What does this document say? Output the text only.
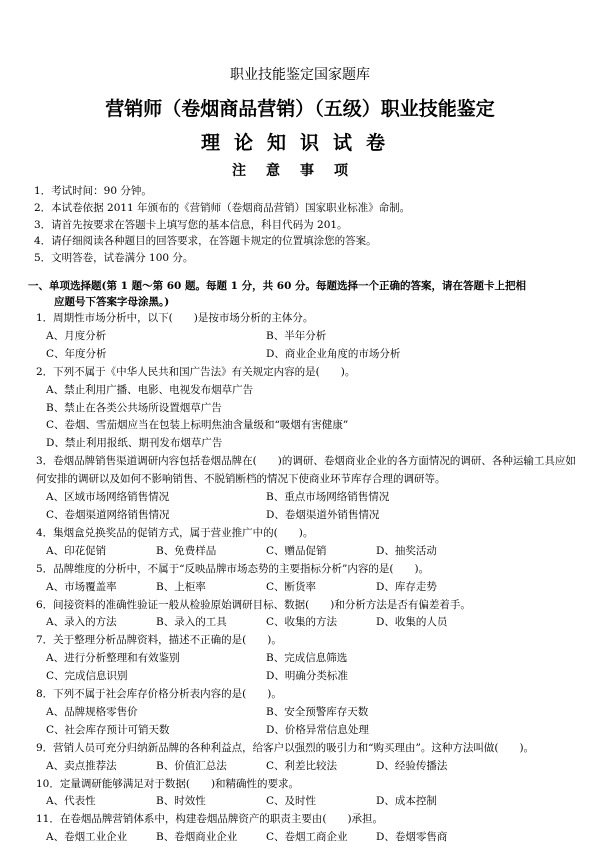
职业技能鉴定国家题库
营销师（卷烟商品营销）（五级）职业技能鉴定
理论知识试卷
注意事项
1．考试时间：90 分钟。
2．本试卷依据 2011 年颁布的《营销师（卷烟商品营销）国家职业标准》命制。
3．请首先按要求在答题卡上填写您的基本信息，科目代码为 201。
4．请仔细阅读各种题目的回答要求，在答题卡规定的位置填涂您的答案。
5．文明答卷，试卷满分 100 分。
一、单项选择题(第 1 题～第 60 题。每题 1 分，共 60 分。每题选择一个正确的答案，请在答题卡上把相
应题号下答案字母涂黑。)
1．周期性市场分析中，以下(　　)是按市场分析的主体分。
A、月度分析	B、半年分析
C、年度分析	D、商业企业角度的市场分析
2．下列不属于《中华人民共和国广告法》有关规定内容的是(　　)。
A、禁止利用广播、电影、电视发布烟草广告
B、禁止在各类公共场所设置烟草广告
C、卷烟、雪茄烟应当在包装上标明焦油含量级和“吸烟有害健康”
D、禁止利用报纸、期刊发布烟草广告
3．卷烟品牌销售渠道调研内容包括卷烟品牌在(　　)的调研、卷烟商业企业的各方面情况的调研、各种运输工具应如何安排的调研以及如何不影响销售、不脱销断档的情况下使商业环节库存合理的调研等。
A、区域市场网络销售情况	B、重点市场网络销售情况
C、卷烟渠道网络销售情况	D、卷烟渠道外销售情况
4．集烟盒兑换奖品的促销方式，属于营业推广中的(　　)。
A、印花促销	B、免费样品	C、赠品促销	D、抽奖活动
5．品牌维度的分析中，不属于“反映品牌市场态势的主要指标分析”内容的是(　　)。
A、市场覆盖率	B、上柜率	C、断货率	D、库存走势
6．间接资料的准确性验证一般从检验原始调研目标、数据(　　)和分析方法是否有偏差着手。
A、录入的方法	B、录入的工具	C、收集的方法	D、收集的人员
7．关于整理分析品牌资料，描述不正确的是(　　)。
A、进行分析整理和有效鉴别	B、完成信息筛选
C、完成信息识别	D、明确分类标准
8．下列不属于社会库存价格分析表内容的是(　　)。
A、品牌规格零售价	B、安全预警库存天数
C、社会库存预计可销天数	D、价格异常信息处理
9．营销人员可充分归纳新品牌的各种利益点，给客户以强烈的吸引力和“购买理由”。这种方法叫做(　　)。
A、卖点推荐法	B、价值汇总法	C、利差比较法	D、经验传播法
10．定量调研能够满足对于数据(　　)和精确性的要求。
A、代表性	B、时效性	C、及时性	D、成本控制
11．在卷烟品牌营销体系中，构建卷烟品牌资产的职责主要由(　　)承担。
A、卷烟工业企业	B、卷烟商业企业	C、卷烟工商企业	D、卷烟零售商
